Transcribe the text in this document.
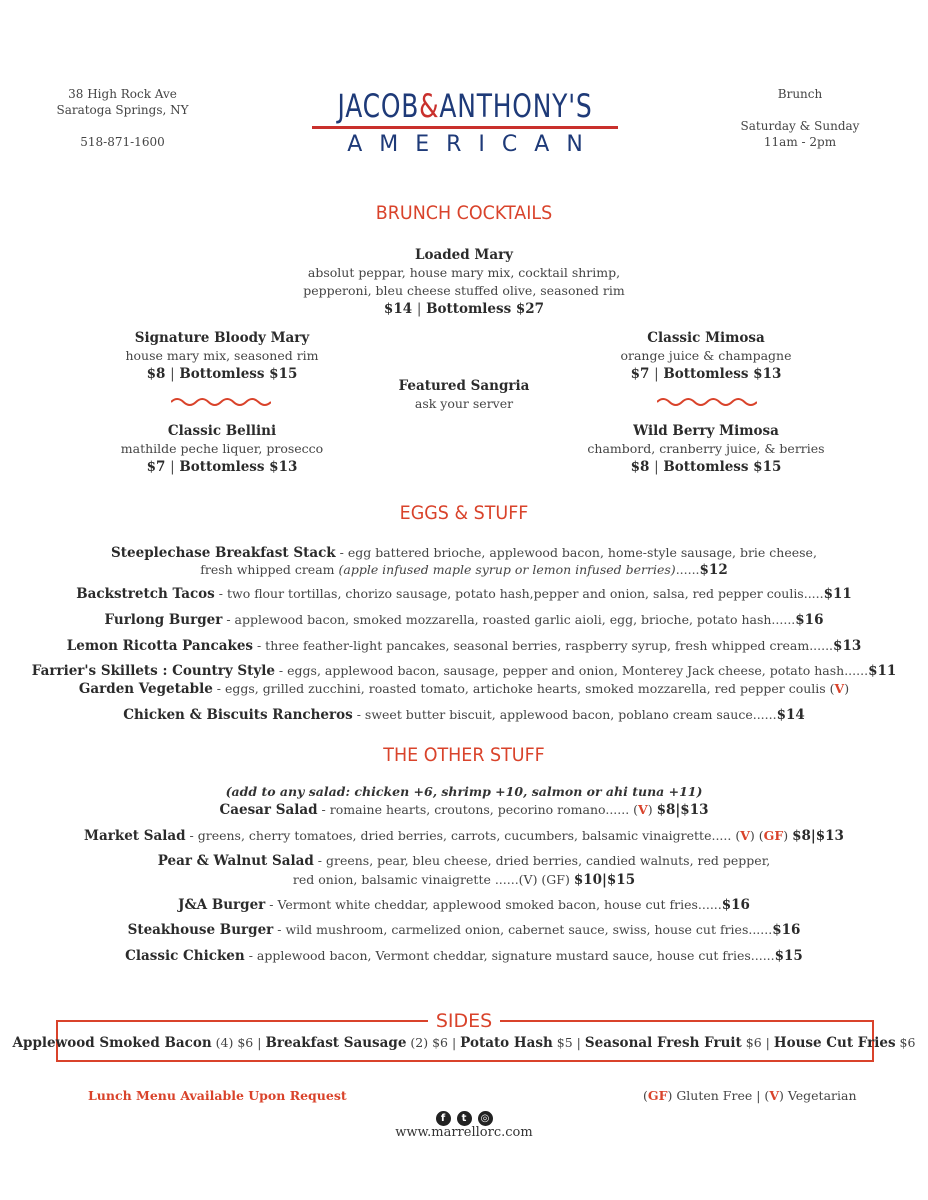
38 High Rock Ave
Saratoga Springs, NY
518-871-1600
JACOB&ANTHONY'S
AMERICAN
Brunch
Saturday & Sunday
11am - 2pm
BRUNCH COCKTAILS
Loaded Mary
absolut peppar, house mary mix, cocktail shrimp,
pepperoni, bleu cheese stuffed olive, seasoned rim
$14 | Bottomless $27
Signature Bloody Mary
house mary mix, seasoned rim
$8 | Bottomless $15
Classic Bellini
mathilde peche liquer, prosecco
$7 | Bottomless $13
Featured Sangria
ask your server
Classic Mimosa
orange juice & champagne
$7 | Bottomless $13
Wild Berry Mimosa
chambord, cranberry juice, & berries
$8 | Bottomless $15
EGGS & STUFF
Steeplechase Breakfast Stack - egg battered brioche, applewood bacon, home-style sausage, brie cheese,
fresh whipped cream (apple infused maple syrup or lemon infused berries)......$12
Backstretch Tacos - two flour tortillas, chorizo sausage, potato hash,pepper and onion, salsa, red pepper coulis.....$11
Furlong Burger - applewood bacon, smoked mozzarella, roasted garlic aioli, egg, brioche, potato hash......$16
Lemon Ricotta Pancakes - three feather-light pancakes, seasonal berries, raspberry syrup, fresh whipped cream......$13
Farrier's Skillets : Country Style - eggs, applewood bacon, sausage, pepper and onion, Monterey Jack cheese, potato hash......$11
Garden Vegetable - eggs, grilled zucchini, roasted tomato, artichoke hearts, smoked mozzarella, red pepper coulis (V)
Chicken & Biscuits Rancheros - sweet butter biscuit, applewood bacon, poblano cream sauce......$14
THE OTHER STUFF
(add to any salad: chicken +6, shrimp +10, salmon or ahi tuna +11)
Caesar Salad - romaine hearts, croutons, pecorino romano...... (V) $8|$13
Market Salad - greens, cherry tomatoes, dried berries, carrots, cucumbers, balsamic vinaigrette..... (V) (GF) $8|$13
Pear & Walnut Salad - greens, pear, bleu cheese, dried berries, candied walnuts, red pepper,
red onion, balsamic vinaigrette ......(V) (GF) $10|$15
J&A Burger - Vermont white cheddar, applewood smoked bacon, house cut fries......$16
Steakhouse Burger - wild mushroom, carmelized onion, cabernet sauce, swiss, house cut fries......$16
Classic Chicken - applewood bacon, Vermont cheddar, signature mustard sauce, house cut fries......$15
SIDES
Applewood Smoked Bacon (4) $6 | Breakfast Sausage (2) $6 | Potato Hash $5 | Seasonal Fresh Fruit $6 | House Cut Fries $6
Lunch Menu Available Upon Request	(GF) Gluten Free | (V) Vegetarian
f t ◎
www.marrellorc.com
